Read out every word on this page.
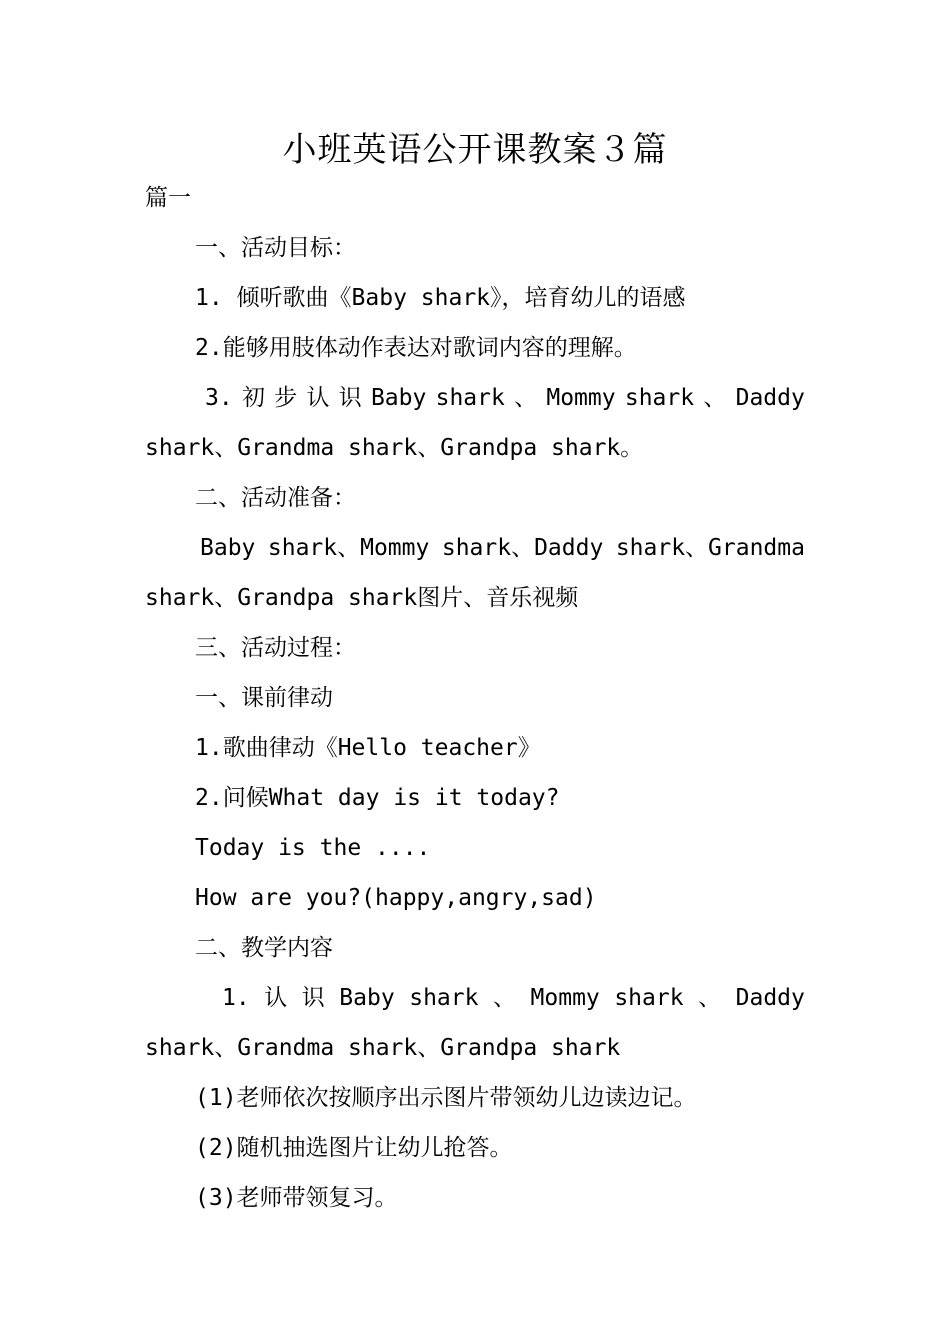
小班英语公开课教案３篇
篇一
一、活动目标：
1. 倾听歌曲《Baby shark》，培育幼儿的语感
2.能够用肢体动作表达对歌词内容的理解。
3. 初 步 认 识 Baby shark 、 Mommy shark 、 Daddy
shark、Grandma shark、Grandpa shark。
二、活动准备：
Baby shark、Mommy shark、Daddy shark、Grandma
shark、Grandpa shark图片、音乐视频
三、活动过程：
一、课前律动
1.歌曲律动《Hello teacher》
2.问候What day is it today?
Today is the ....
How are you?(happy,angry,sad)
二、教学内容
1. 认 识 Baby shark 、 Mommy shark 、 Daddy
shark、Grandma shark、Grandpa shark
(1)老师依次按顺序出示图片带领幼儿边读边记。
(2)随机抽选图片让幼儿抢答。
(3)老师带领复习。
